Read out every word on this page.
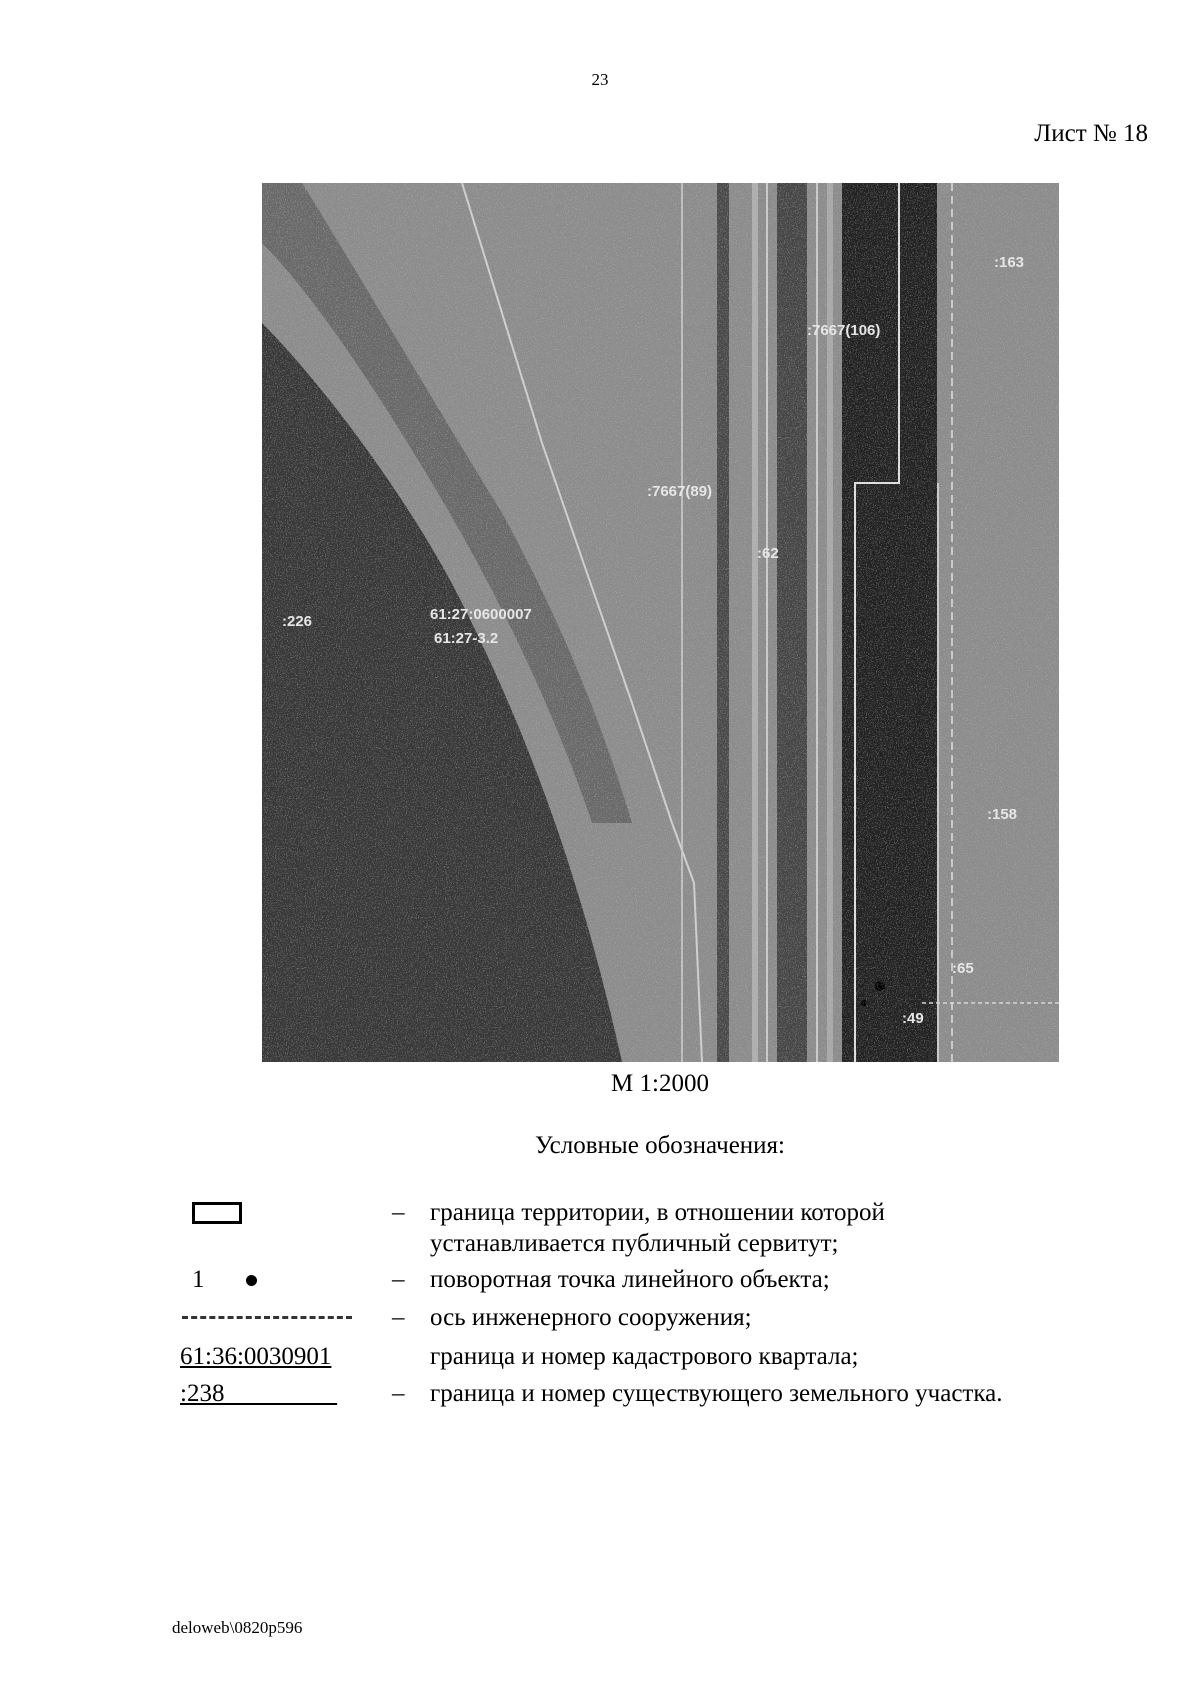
23
Лист № 18
:163
:7667(106)
:7667(89)
:62
:226	61:27:0600007
61:27-3.2
:158
:65
:49
М 1:2000
Условные обозначения:
– граница территории, в отношении которой
устанавливается публичный сервитут;
1	– поворотная точка линейного объекта;
– ось инженерного сооружения;
61:36:0030901	граница и номер кадастрового квартала;
:238_________	– граница и номер существующего земельного участка.
deloweb\0820p596
